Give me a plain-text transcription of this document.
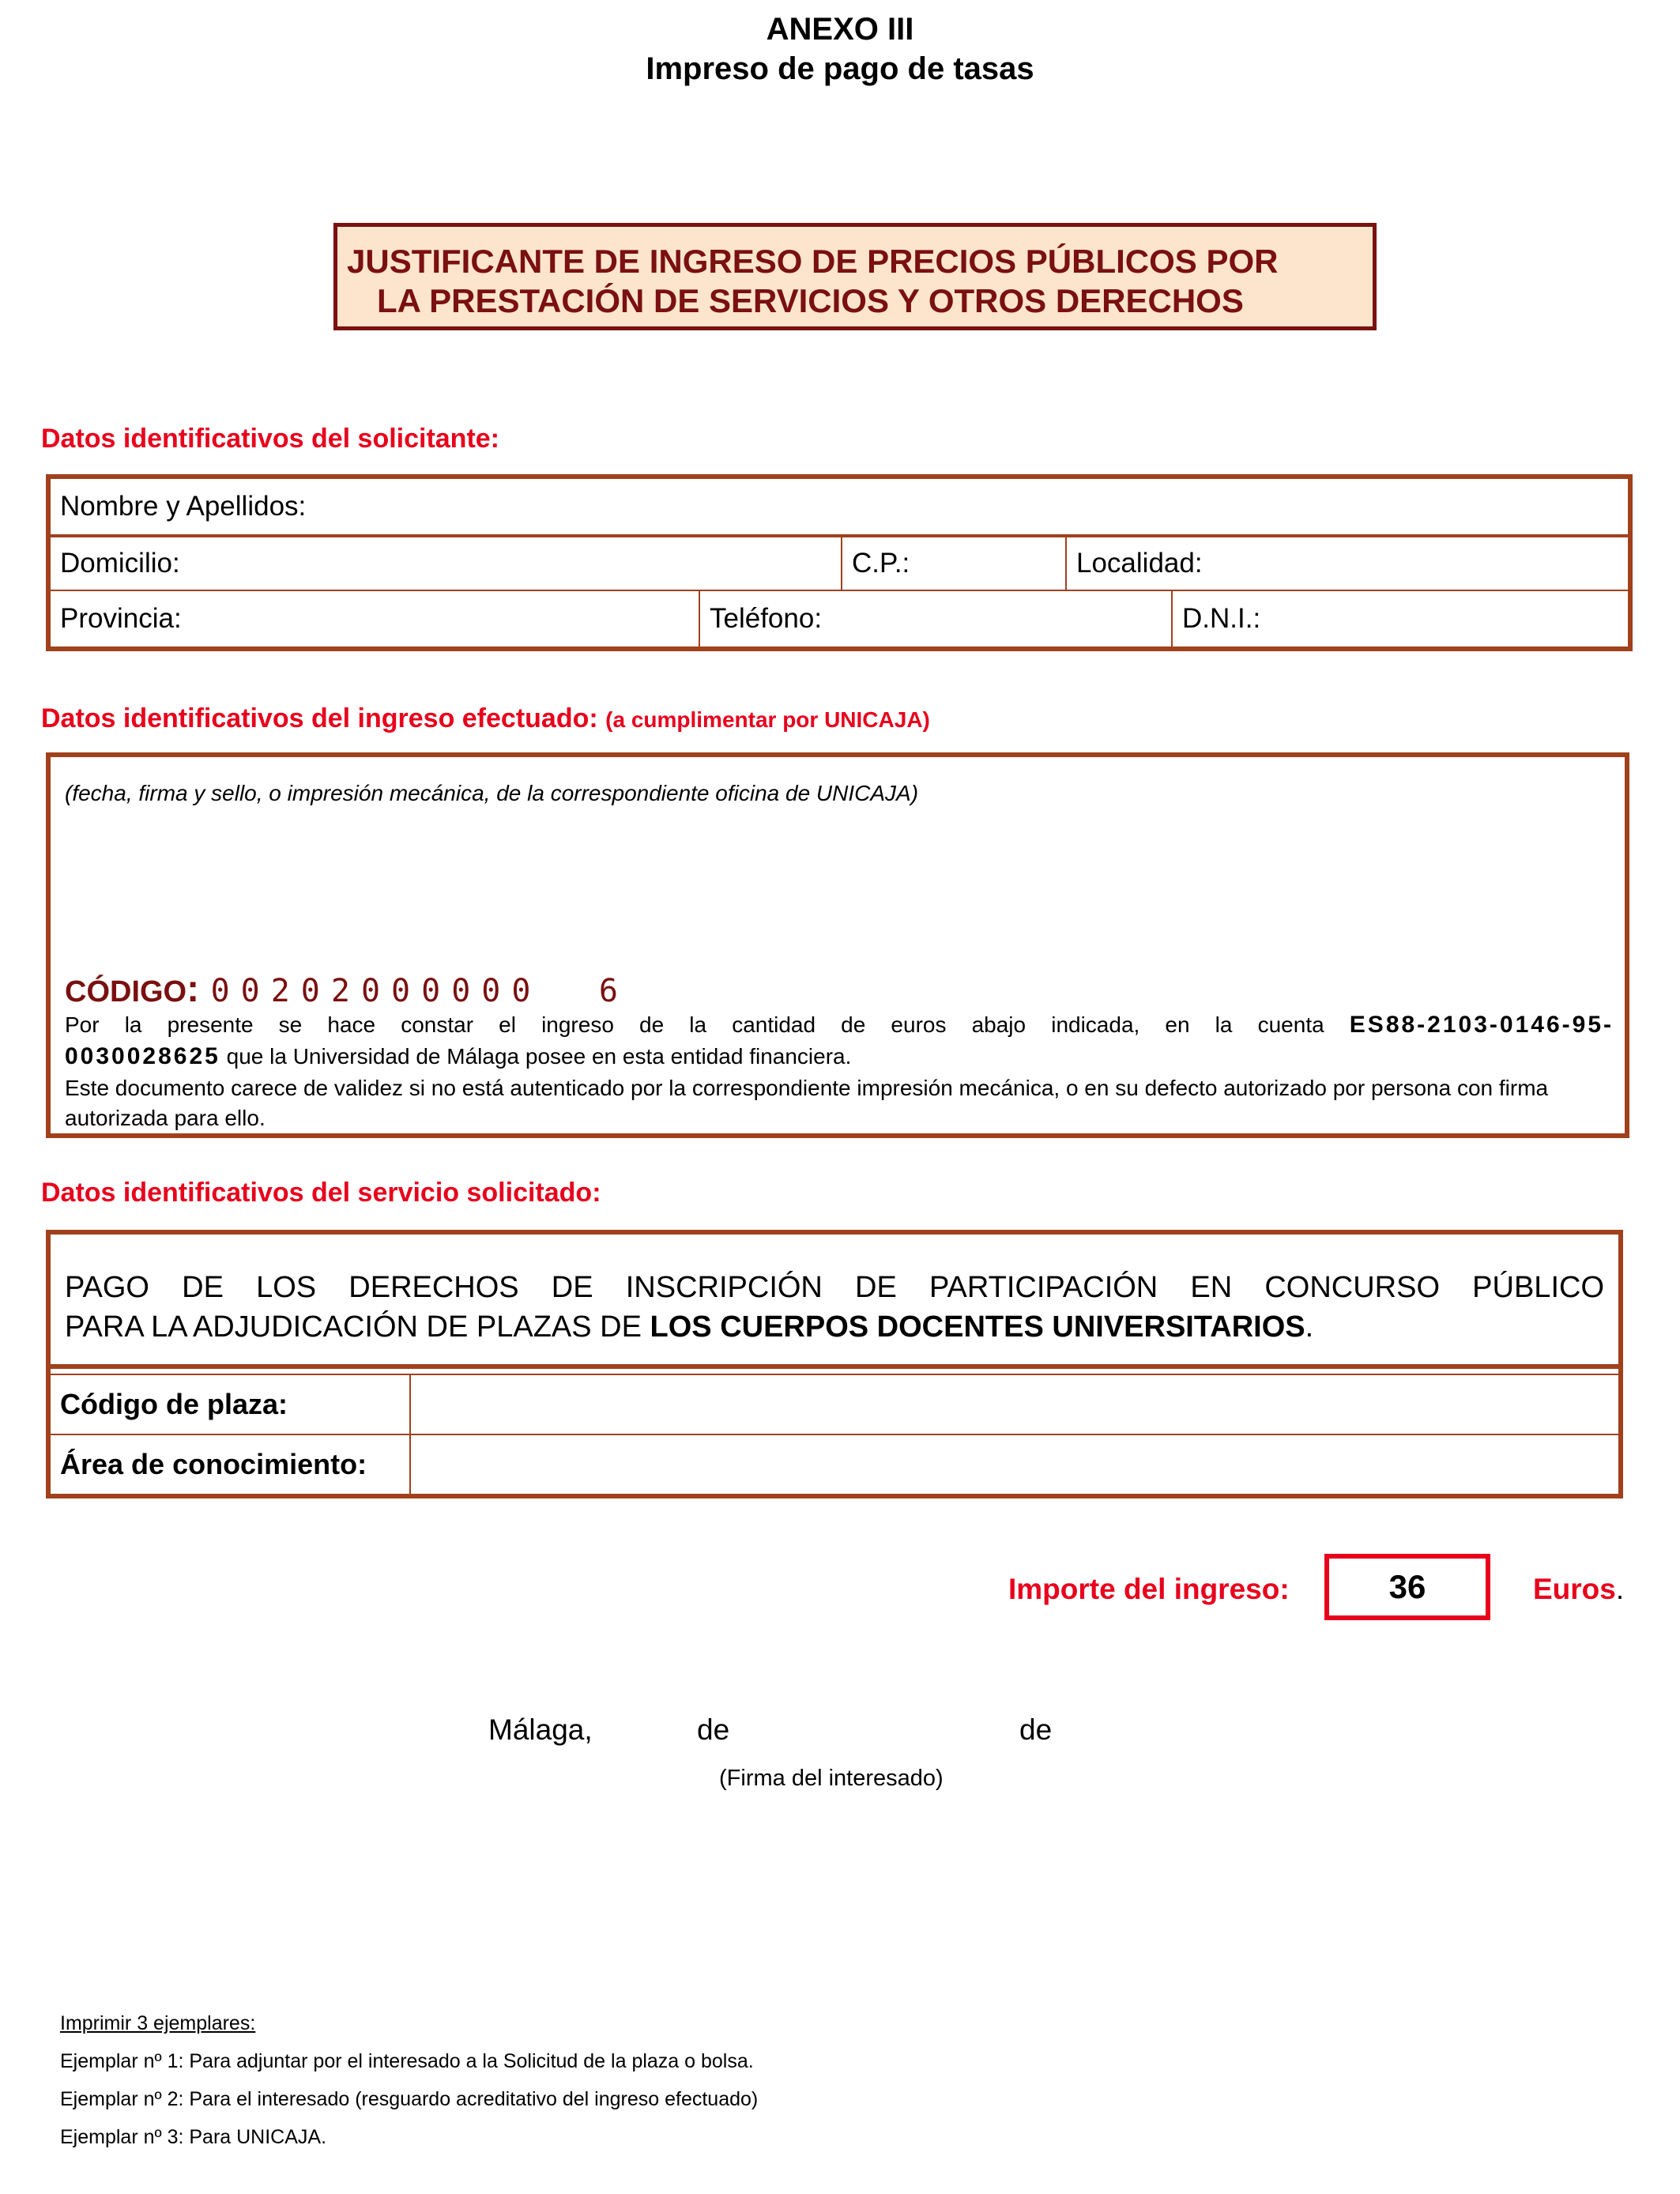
ANEXO III
Impreso de pago de tasas
JUSTIFICANTE DE INGRESO DE PRECIOS PÚBLICOS POR
LA PRESTACIÓN DE SERVICIOS Y OTROS DERECHOS
Datos identificativos del solicitante:
Nombre y Apellidos:
Domicilio:	C.P.:	Localidad:
Provincia:	Teléfono:	D.N.I.:
Datos identificativos del ingreso efectuado: (a cumplimentar por UNICAJA)
(fecha, firma y sello, o impresión mecánica, de la correspondiente oficina de UNICAJA)
CÓDIGO: 00202000000 6
Por la presente se hace constar el ingreso de la cantidad de euros abajo indicada, en la cuenta ES88-2103-0146-95-
0030028625 que la Universidad de Málaga posee en esta entidad financiera.
Este documento carece de validez si no está autenticado por la correspondiente impresión mecánica, o en su defecto autorizado por persona con firma autorizada para ello.
Datos identificativos del servicio solicitado:
PAGO DE LOS DERECHOS DE INSCRIPCIÓN DE PARTICIPACIÓN EN CONCURSO PÚBLICO
PARA LA ADJUDICACIÓN DE PLAZAS DE LOS CUERPOS DOCENTES UNIVERSITARIOS.
Código de plaza:
Área de conocimiento:
Importe del ingreso:	36	Euros.
Málaga,	de	de
(Firma del interesado)
Imprimir 3 ejemplares:
Ejemplar nº 1: Para adjuntar por el interesado a la Solicitud de la plaza o bolsa.
Ejemplar nº 2: Para el interesado (resguardo acreditativo del ingreso efectuado)
Ejemplar nº 3: Para UNICAJA.
